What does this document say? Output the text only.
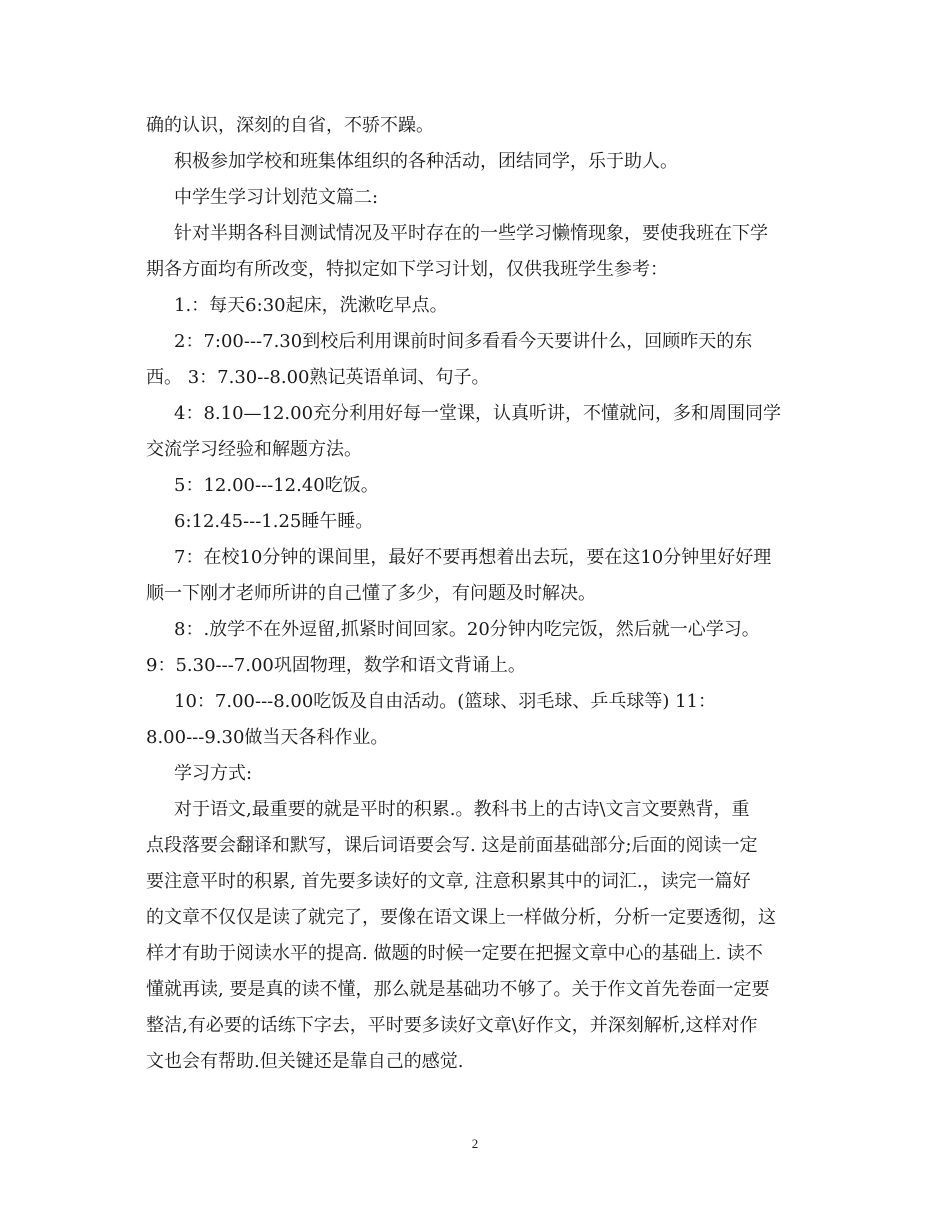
确的认识，深刻的自省，不骄不躁。
积极参加学校和班集体组织的各种活动，团结同学，乐于助人。
中学生学习计划范文篇二:
针对半期各科目测试情况及平时存在的一些学习懒惰现象，要使我班在下学
期各方面均有所改变，特拟定如下学习计划，仅供我班学生参考：
1.：每天6:30起床，洗漱吃早点。
2：7:00---7.30到校后利用课前时间多看看今天要讲什么，回顾昨天的东
西。 3：7.30--8.00熟记英语单词、句子。
4：8.10—12.00充分利用好每一堂课，认真听讲，不懂就问，多和周围同学
交流学习经验和解题方法。
5：12.00---12.40吃饭。
6:12.45---1.25睡午睡。
7：在校10分钟的课间里，最好不要再想着出去玩，要在这10分钟里好好理
顺一下刚才老师所讲的自己懂了多少，有问题及时解决。
8：.放学不在外逗留,抓紧时间回家。20分钟内吃完饭，然后就一心学习。
9：5.30---7.00巩固物理，数学和语文背诵上。
10：7.00---8.00吃饭及自由活动。(篮球、羽毛球、乒乓球等) 11：
8.00---9.30做当天各科作业。
学习方式:
对于语文,最重要的就是平时的积累.。教科书上的古诗\文言文要熟背，重
点段落要会翻译和默写，课后词语要会写. 这是前面基础部分;后面的阅读一定
要注意平时的积累, 首先要多读好的文章, 注意积累其中的词汇.，读完一篇好
的文章不仅仅是读了就完了，要像在语文课上一样做分析，分析一定要透彻，这
样才有助于阅读水平的提高. 做题的时候一定要在把握文章中心的基础上. 读不
懂就再读, 要是真的读不懂，那么就是基础功不够了。关于作文首先卷面一定要
整洁,有必要的话练下字去，平时要多读好文章\好作文，并深刻解析,这样对作
文也会有帮助.但关键还是靠自己的感觉.
2
